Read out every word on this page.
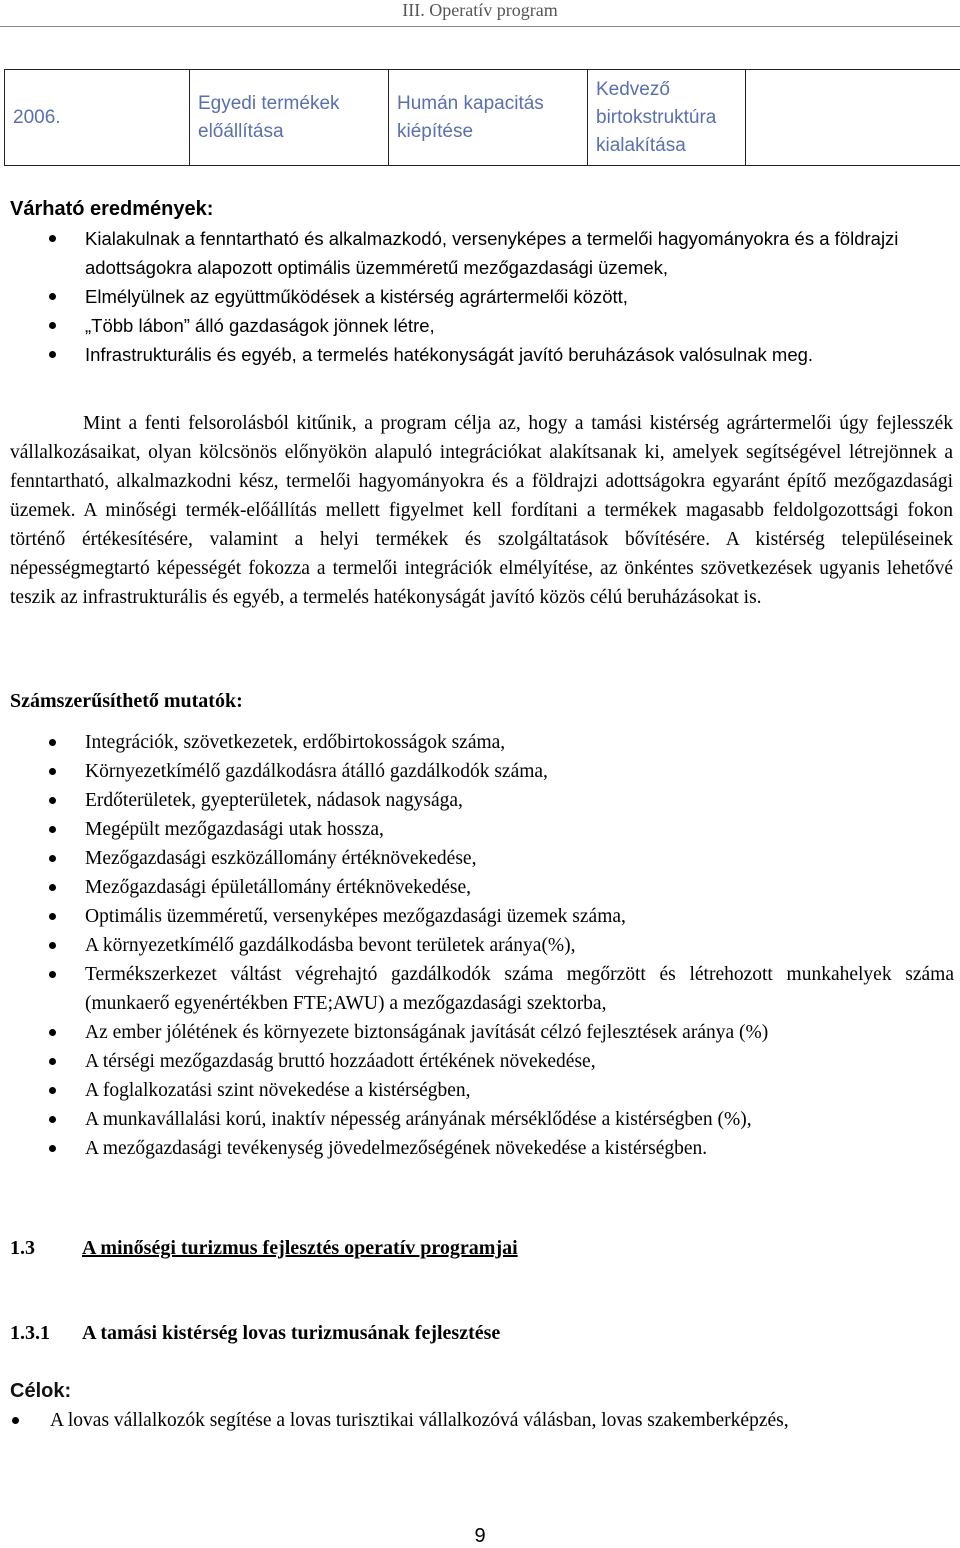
III. Operatív program
2006.	Egyedi termékek előállítása	Humán kapacitás kiépítése	Kedvező birtokstruktúra kialakítása	
Várható eredmények:
Kialakulnak a fenntartható és alkalmazkodó, versenyképes a termelői hagyományokra és a földrajzi adottságokra alapozott optimális üzemméretű mezőgazdasági üzemek,
Elmélyülnek az együttműködések a kistérség agrártermelői között,
„Több lábon” álló gazdaságok jönnek létre,
Infrastrukturális és egyéb, a termelés hatékonyságát javító beruházások valósulnak meg.

Mint a fenti felsorolásból kitűnik, a program célja az, hogy a tamási kistérség agrártermelői úgy fejlesszék vállalkozásaikat, olyan kölcsönös előnyökön alapuló integrációkat alakítsanak ki, amelyek segítségével létrejönnek a fenntartható, alkalmazkodni kész, termelői hagyományokra és a földrajzi adottságokra egyaránt építő mezőgazdasági üzemek. A minőségi termék-előállítás mellett figyelmet kell fordítani a termékek magasabb feldolgozottsági fokon történő értékesítésére, valamint a helyi termékek és szolgáltatások bővítésére. A kistérség településeinek népességmegtartó képességét fokozza a termelői integrációk elmélyítése, az önkéntes szövetkezések ugyanis lehetővé teszik az infrastrukturális és egyéb, a termelés hatékonyságát javító közös célú beruházásokat is.

Számszerűsíthető mutatók:
Integrációk, szövetkezetek, erdőbirtokosságok száma,
Környezetkímélő gazdálkodásra átálló gazdálkodók száma,
Erdőterületek, gyepterületek, nádasok nagysága,
Megépült mezőgazdasági utak hossza,
Mezőgazdasági eszközállomány értéknövekedése,
Mezőgazdasági épületállomány értéknövekedése,
Optimális üzemméretű, versenyképes mezőgazdasági üzemek száma,
A környezetkímélő gazdálkodásba bevont területek aránya(%),
Termékszerkezet váltást végrehajtó gazdálkodók száma megőrzött és létrehozott munkahelyek száma (munkaerő egyenértékben FTE;AWU) a mezőgazdasági szektorba,
Az ember jólétének és környezete biztonságának javítását célzó fejlesztések aránya (%)
A térségi mezőgazdaság bruttó hozzáadott értékének növekedése,
A foglalkozatási szint növekedése a kistérségben,
A munkavállalási korú, inaktív népesség arányának mérséklődése a kistérségben (%),
A mezőgazdasági tevékenység jövedelmezőségének növekedése a kistérségben.
1.3 A minőségi turizmus fejlesztés operatív programjai
1.3.1 A tamási kistérség lovas turizmusának fejlesztése
Célok:
A lovas vállalkozók segítése a lovas turisztikai vállalkozóvá válásban, lovas szakemberképzés,
9
